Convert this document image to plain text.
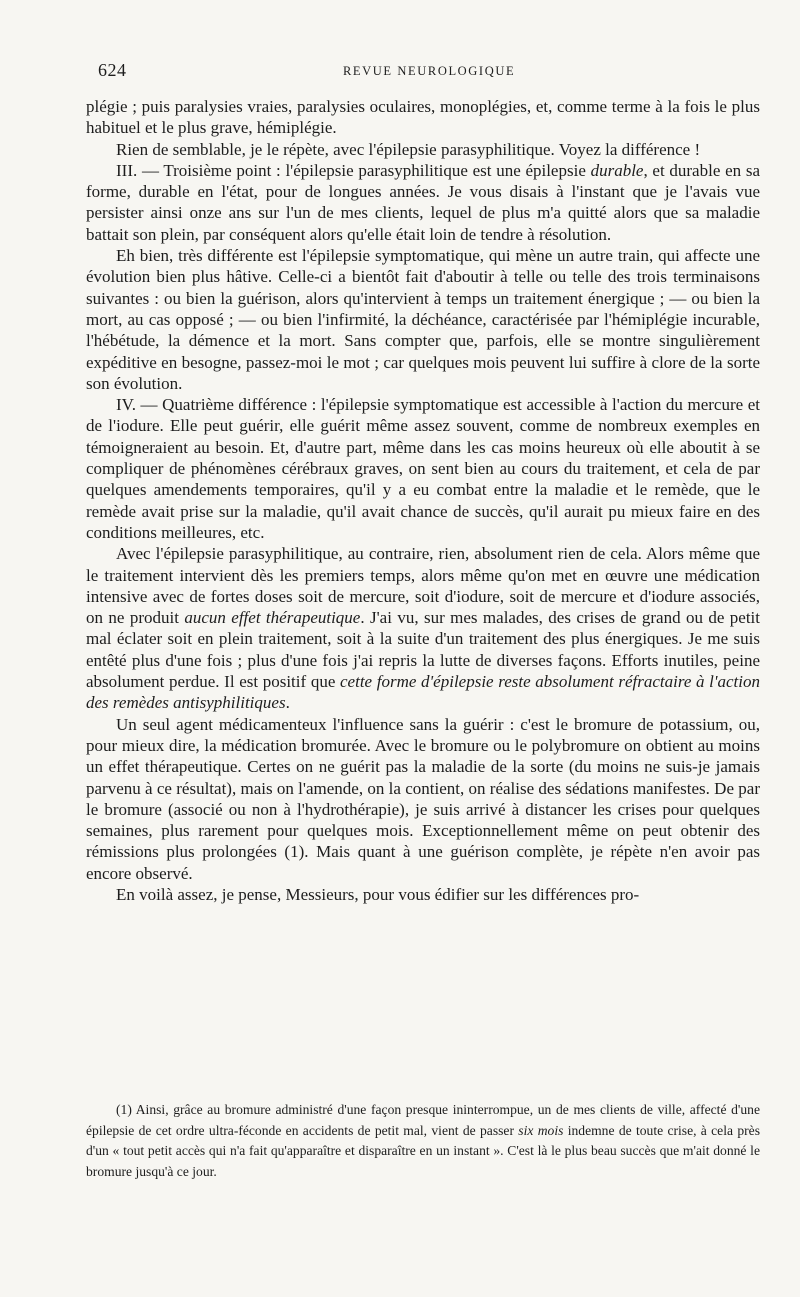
624	REVUE NEUROLOGIQUE

plégie ; puis paralysies vraies, paralysies oculaires, monoplégies, et, comme terme à la fois le plus habituel et le plus grave, hémiplégie.

Rien de semblable, je le répète, avec l'épilepsie parasyphilitique. Voyez la différence !

III. — Troisième point : l'épilepsie parasyphilitique est une épilepsie durable, et durable en sa forme, durable en l'état, pour de longues années. Je vous disais à l'instant que je l'avais vue persister ainsi onze ans sur l'un de mes clients, lequel de plus m'a quitté alors que sa maladie battait son plein, par conséquent alors qu'elle était loin de tendre à résolution.

Eh bien, très différente est l'épilepsie symptomatique, qui mène un autre train, qui affecte une évolution bien plus hâtive. Celle-ci a bientôt fait d'aboutir à telle ou telle des trois terminaisons suivantes : ou bien la guérison, alors qu'intervient à temps un traitement énergique ; — ou bien la mort, au cas opposé ; — ou bien l'infirmité, la déchéance, caractérisée par l'hémiplégie incurable, l'hébétude, la démence et la mort. Sans compter que, parfois, elle se montre singulièrement expéditive en besogne, passez-moi le mot ; car quelques mois peuvent lui suffire à clore de la sorte son évolution.

IV. — Quatrième différence : l'épilepsie symptomatique est accessible à l'action du mercure et de l'iodure. Elle peut guérir, elle guérit même assez souvent, comme de nombreux exemples en témoigneraient au besoin. Et, d'autre part, même dans les cas moins heureux où elle aboutit à se compliquer de phénomènes cérébraux graves, on sent bien au cours du traitement, et cela de par quelques amendements temporaires, qu'il y a eu combat entre la maladie et le remède, que le remède avait prise sur la maladie, qu'il avait chance de succès, qu'il aurait pu mieux faire en des conditions meilleures, etc.

Avec l'épilepsie parasyphilitique, au contraire, rien, absolument rien de cela. Alors même que le traitement intervient dès les premiers temps, alors même qu'on met en œuvre une médication intensive avec de fortes doses soit de mercure, soit d'iodure, soit de mercure et d'iodure associés, on ne produit aucun effet thérapeutique. J'ai vu, sur mes malades, des crises de grand ou de petit mal éclater soit en plein traitement, soit à la suite d'un traitement des plus énergiques. Je me suis entêté plus d'une fois ; plus d'une fois j'ai repris la lutte de diverses façons. Efforts inutiles, peine absolument perdue. Il est positif que cette forme d'épilepsie reste absolument réfractaire à l'action des remèdes antisyphilitiques.

Un seul agent médicamenteux l'influence sans la guérir : c'est le bromure de potassium, ou, pour mieux dire, la médication bromurée. Avec le bromure ou le polybromure on obtient au moins un effet thérapeutique. Certes on ne guérit pas la maladie de la sorte (du moins ne suis-je jamais parvenu à ce résultat), mais on l'amende, on la contient, on réalise des sédations manifestes. De par le bromure (associé ou non à l'hydrothérapie), je suis arrivé à distancer les crises pour quelques semaines, plus rarement pour quelques mois. Exceptionnellement même on peut obtenir des rémissions plus prolongées (1). Mais quant à une guérison complète, je répète n'en avoir pas encore observé.

En voilà assez, je pense, Messieurs, pour vous édifier sur les différences pro-

(1) Ainsi, grâce au bromure administré d'une façon presque ininterrompue, un de mes clients de ville, affecté d'une épilepsie de cet ordre ultra-féconde en accidents de petit mal, vient de passer six mois indemne de toute crise, à cela près d'un « tout petit accès qui n'a fait qu'apparaître et disparaître en un instant ». C'est là le plus beau succès que m'ait donné le bromure jusqu'à ce jour.
